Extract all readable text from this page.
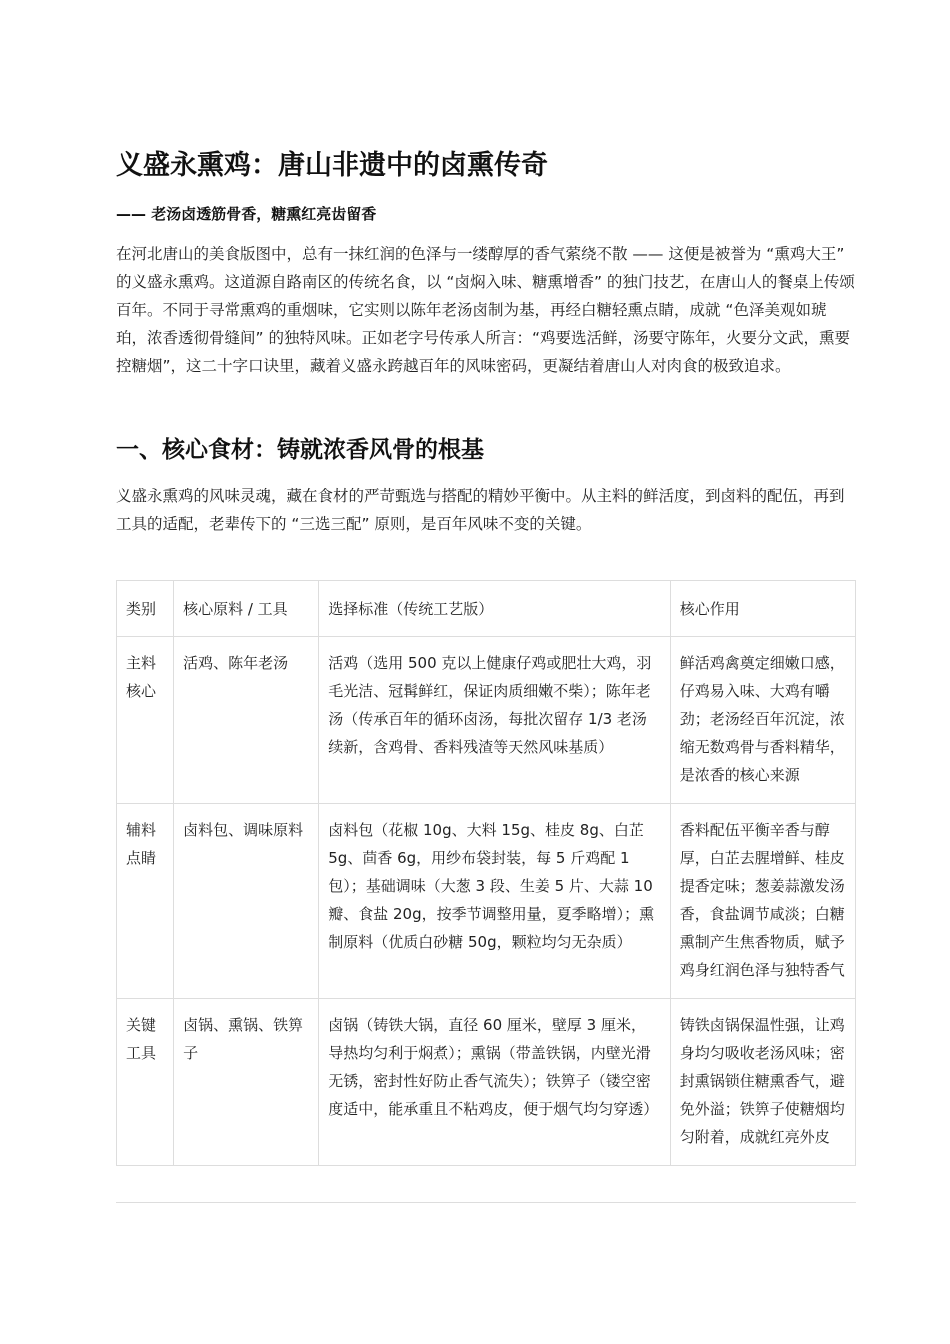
义盛永熏鸡：唐山非遗中的卤熏传奇

—— 老汤卤透筋骨香，糖熏红亮齿留香

在河北唐山的美食版图中，总有一抹红润的色泽与一缕醇厚的香气萦绕不散 —— 这便是被誉为 “熏鸡大王” 的义盛永熏鸡。这道源自路南区的传统名食，以 “卤焖入味、糖熏增香” 的独门技艺，在唐山人的餐桌上传颂百年。不同于寻常熏鸡的重烟味，它实则以陈年老汤卤制为基，再经白糖轻熏点睛，成就 “色泽美观如琥珀，浓香透彻骨缝间” 的独特风味。正如老字号传承人所言：“鸡要选活鲜，汤要守陈年，火要分文武，熏要控糖烟”，这二十字口诀里，藏着义盛永跨越百年的风味密码，更凝结着唐山人对肉食的极致追求。

一、核心食材：铸就浓香风骨的根基

义盛永熏鸡的风味灵魂，藏在食材的严苛甄选与搭配的精妙平衡中。从主料的鲜活度，到卤料的配伍，再到工具的适配，老辈传下的 “三选三配” 原则，是百年风味不变的关键。

类别	核心原料 / 工具	选择标准（传统工艺版）	核心作用
主料核心	活鸡、陈年老汤	活鸡（选用 500 克以上健康仔鸡或肥壮大鸡，羽毛光洁、冠髯鲜红，保证肉质细嫩不柴）；陈年老汤（传承百年的循环卤汤，每批次留存 1/3 老汤续新，含鸡骨、香料残渣等天然风味基质）	鲜活鸡禽奠定细嫩口感，仔鸡易入味、大鸡有嚼劲；老汤经百年沉淀，浓缩无数鸡骨与香料精华，是浓香的核心来源
辅料点睛	卤料包、调味原料	卤料包（花椒 10g、大料 15g、桂皮 8g、白芷 5g、茴香 6g，用纱布袋封装，每 5 斤鸡配 1 包）；基础调味（大葱 3 段、生姜 5 片、大蒜 10 瓣、食盐 20g，按季节调整用量，夏季略增）；熏制原料（优质白砂糖 50g，颗粒均匀无杂质）	香料配伍平衡辛香与醇厚，白芷去腥增鲜、桂皮提香定味；葱姜蒜激发汤香，食盐调节咸淡；白糖熏制产生焦香物质，赋予鸡身红润色泽与独特香气
关键工具	卤锅、熏锅、铁箅子	卤锅（铸铁大锅，直径 60 厘米，壁厚 3 厘米，导热均匀利于焖煮）；熏锅（带盖铁锅，内壁光滑无锈，密封性好防止香气流失）；铁箅子（镂空密度适中，能承重且不粘鸡皮，便于烟气均匀穿透）	铸铁卤锅保温性强，让鸡身均匀吸收老汤风味；密封熏锅锁住糖熏香气，避免外溢；铁箅子使糖烟均匀附着，成就红亮外皮
